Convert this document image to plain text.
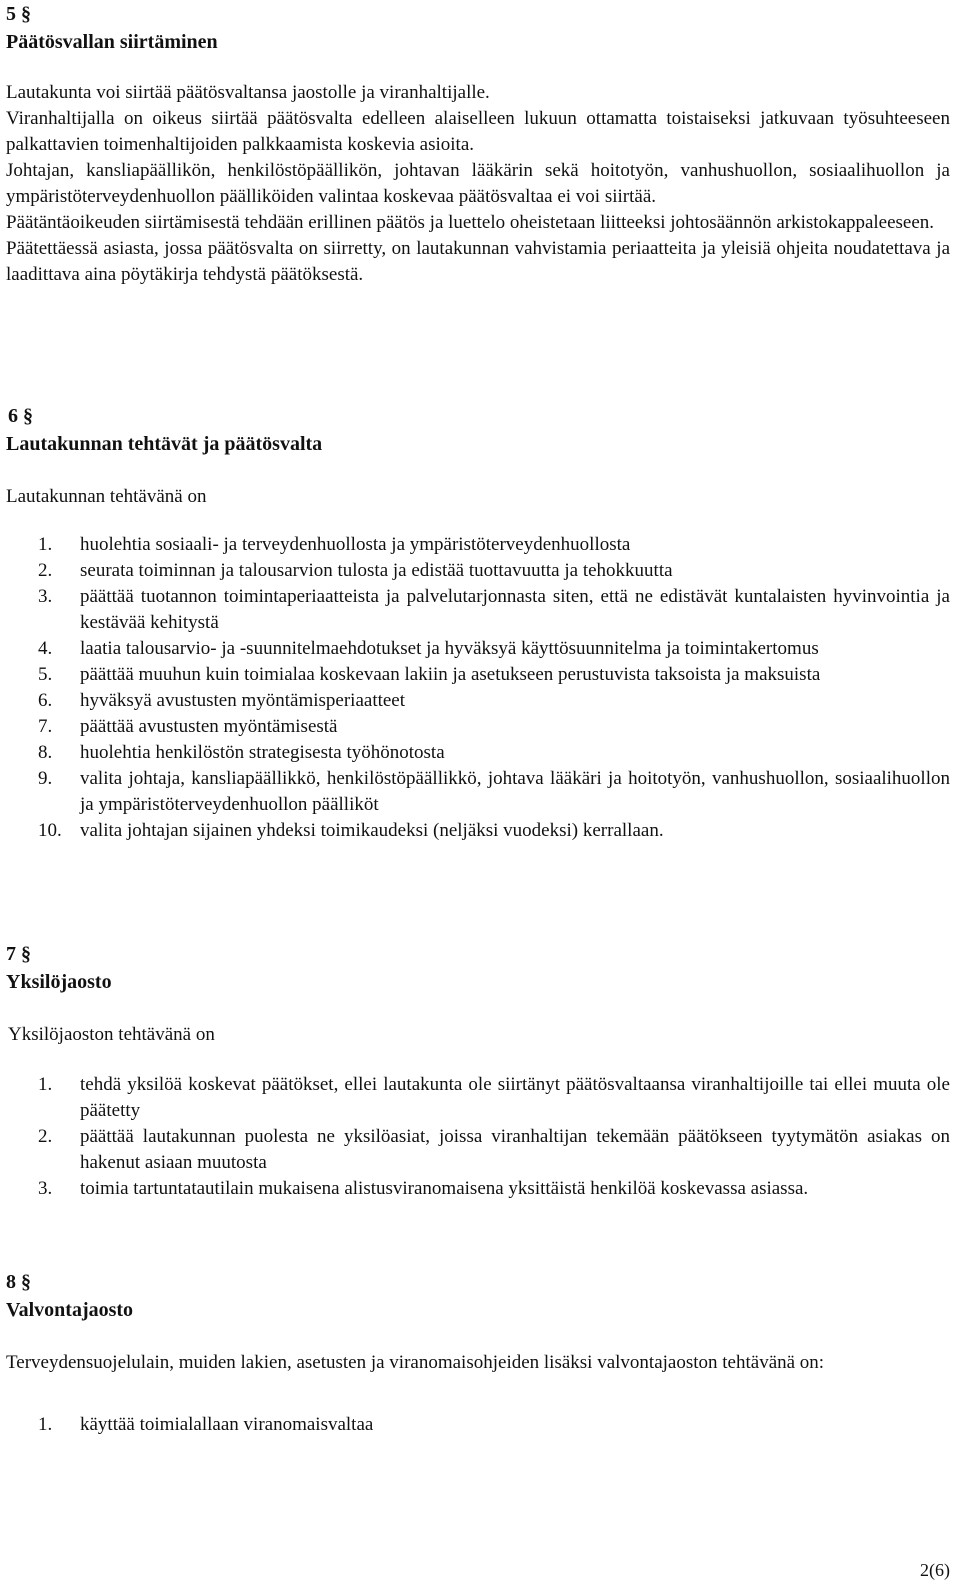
5 §
Päätösvallan siirtäminen

Lautakunta voi siirtää päätösvaltansa jaostolle ja viranhaltijalle.

Viranhaltijalla on oikeus siirtää päätösvalta edelleen alaiselleen lukuun ottamatta toistaiseksi jatkuvaan työsuhteeseen palkattavien toimenhaltijoiden palkkaamista koskevia asioita.

Johtajan, kansliapäällikön, henkilöstöpäällikön, johtavan lääkärin sekä hoitotyön, vanhushuollon, sosiaalihuollon ja ympäristöterveydenhuollon päälliköiden valintaa koskevaa päätösvaltaa ei voi siirtää.

Päätäntäoikeuden siirtämisestä tehdään erillinen päätös ja luettelo oheistetaan liitteeksi johtosäännön arkistokappaleeseen.

Päätettäessä asiasta, jossa päätösvalta on siirretty, on lautakunnan vahvistamia periaatteita ja yleisiä ohjeita noudatettava ja laadittava aina pöytäkirja tehdystä päätöksestä.

6 §
Lautakunnan tehtävät ja päätösvalta
Lautakunnan tehtävänä on
1.	huolehtia sosiaali- ja terveydenhuollosta ja ympäristöterveydenhuollosta
2.	seurata toiminnan ja talousarvion tulosta ja edistää tuottavuutta ja tehokkuutta
3.	päättää tuotannon toimintaperiaatteista ja palvelutarjonnasta siten, että ne edistävät kuntalaisten hyvinvointia ja kestävää kehitystä
4.	laatia talousarvio- ja -suunnitelmaehdotukset ja hyväksyä käyttösuunnitelma ja toimintakertomus
5.	päättää muuhun kuin toimialaa koskevaan lakiin ja asetukseen perustuvista taksoista ja maksuista
6.	hyväksyä avustusten myöntämisperiaatteet
7.	päättää avustusten myöntämisestä
8.	huolehtia henkilöstön strategisesta työhönotosta
9.	valita johtaja, kansliapäällikkö, henkilöstöpäällikkö, johtava lääkäri ja hoitotyön, vanhushuollon, sosiaalihuollon ja ympäristöterveydenhuollon päälliköt
10. valita johtajan sijainen yhdeksi toimikaudeksi (neljäksi vuodeksi) kerrallaan.
7 §
Yksilöjaosto
Yksilöjaoston tehtävänä on
1.	tehdä yksilöä koskevat päätökset, ellei lautakunta ole siirtänyt päätösvaltaansa viranhaltijoille tai ellei muuta ole päätetty
2.	päättää lautakunnan puolesta ne yksilöasiat, joissa viranhaltijan tekemään päätökseen tyytymätön asiakas on hakenut asiaan muutosta
3.	toimia tartuntatautilain mukaisena alistusviranomaisena yksittäistä henkilöä koskevassa asiassa.
8 §
Valvontajaosto

Terveydensuojelulain, muiden lakien, asetusten ja viranomaisohjeiden lisäksi valvontajaoston tehtävänä on:

1.	käyttää toimialallaan viranomaisvaltaa
2(6)
